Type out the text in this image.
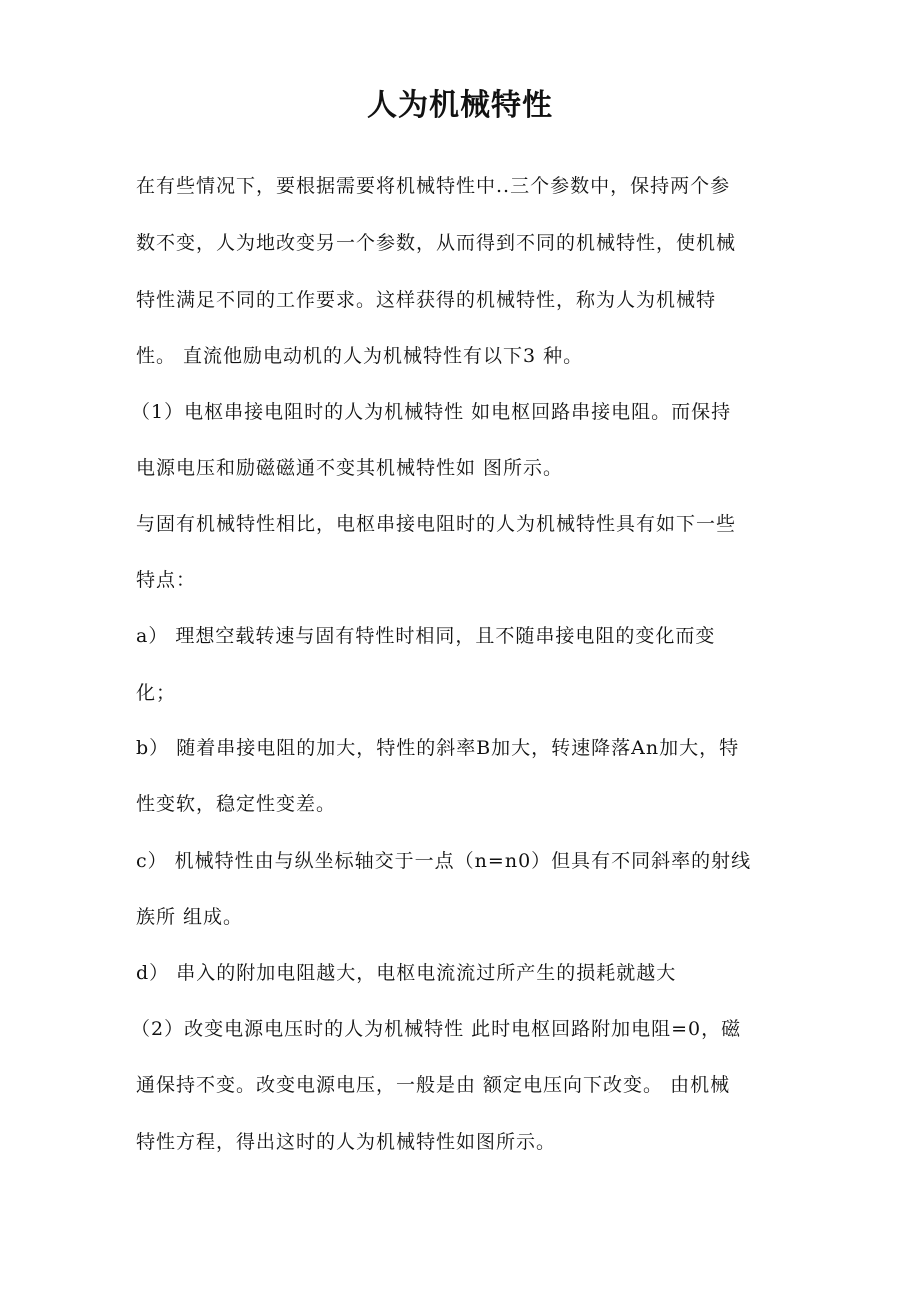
人为机械特性
在有些情况下，要根据需要将机械特性中..三个参数中，保持两个参
数不变，人为地改变另一个参数，从而得到不同的机械特性，使机械
特性满足不同的工作要求。这样获得的机械特性，称为人为机械特
性。 直流他励电动机的人为机械特性有以下3 种。
（1）电枢串接电阻时的人为机械特性 如电枢回路串接电阻。而保持
电源电压和励磁磁通不变其机械特性如 图所示。
与固有机械特性相比，电枢串接电阻时的人为机械特性具有如下一些
特点：
a） 理想空载转速与固有特性时相同，且不随串接电阻的变化而变
化；
b） 随着串接电阻的加大，特性的斜率B加大，转速降落An加大，特
性变软，稳定性变差。
c） 机械特性由与纵坐标轴交于一点（n=n0）但具有不同斜率的射线
族所 组成。
d） 串入的附加电阻越大，电枢电流流过所产生的损耗就越大
（2）改变电源电压时的人为机械特性 此时电枢回路附加电阻=0，磁
通保持不变。改变电源电压，一般是由 额定电压向下改变。 由机械
特性方程，得出这时的人为机械特性如图所示。
